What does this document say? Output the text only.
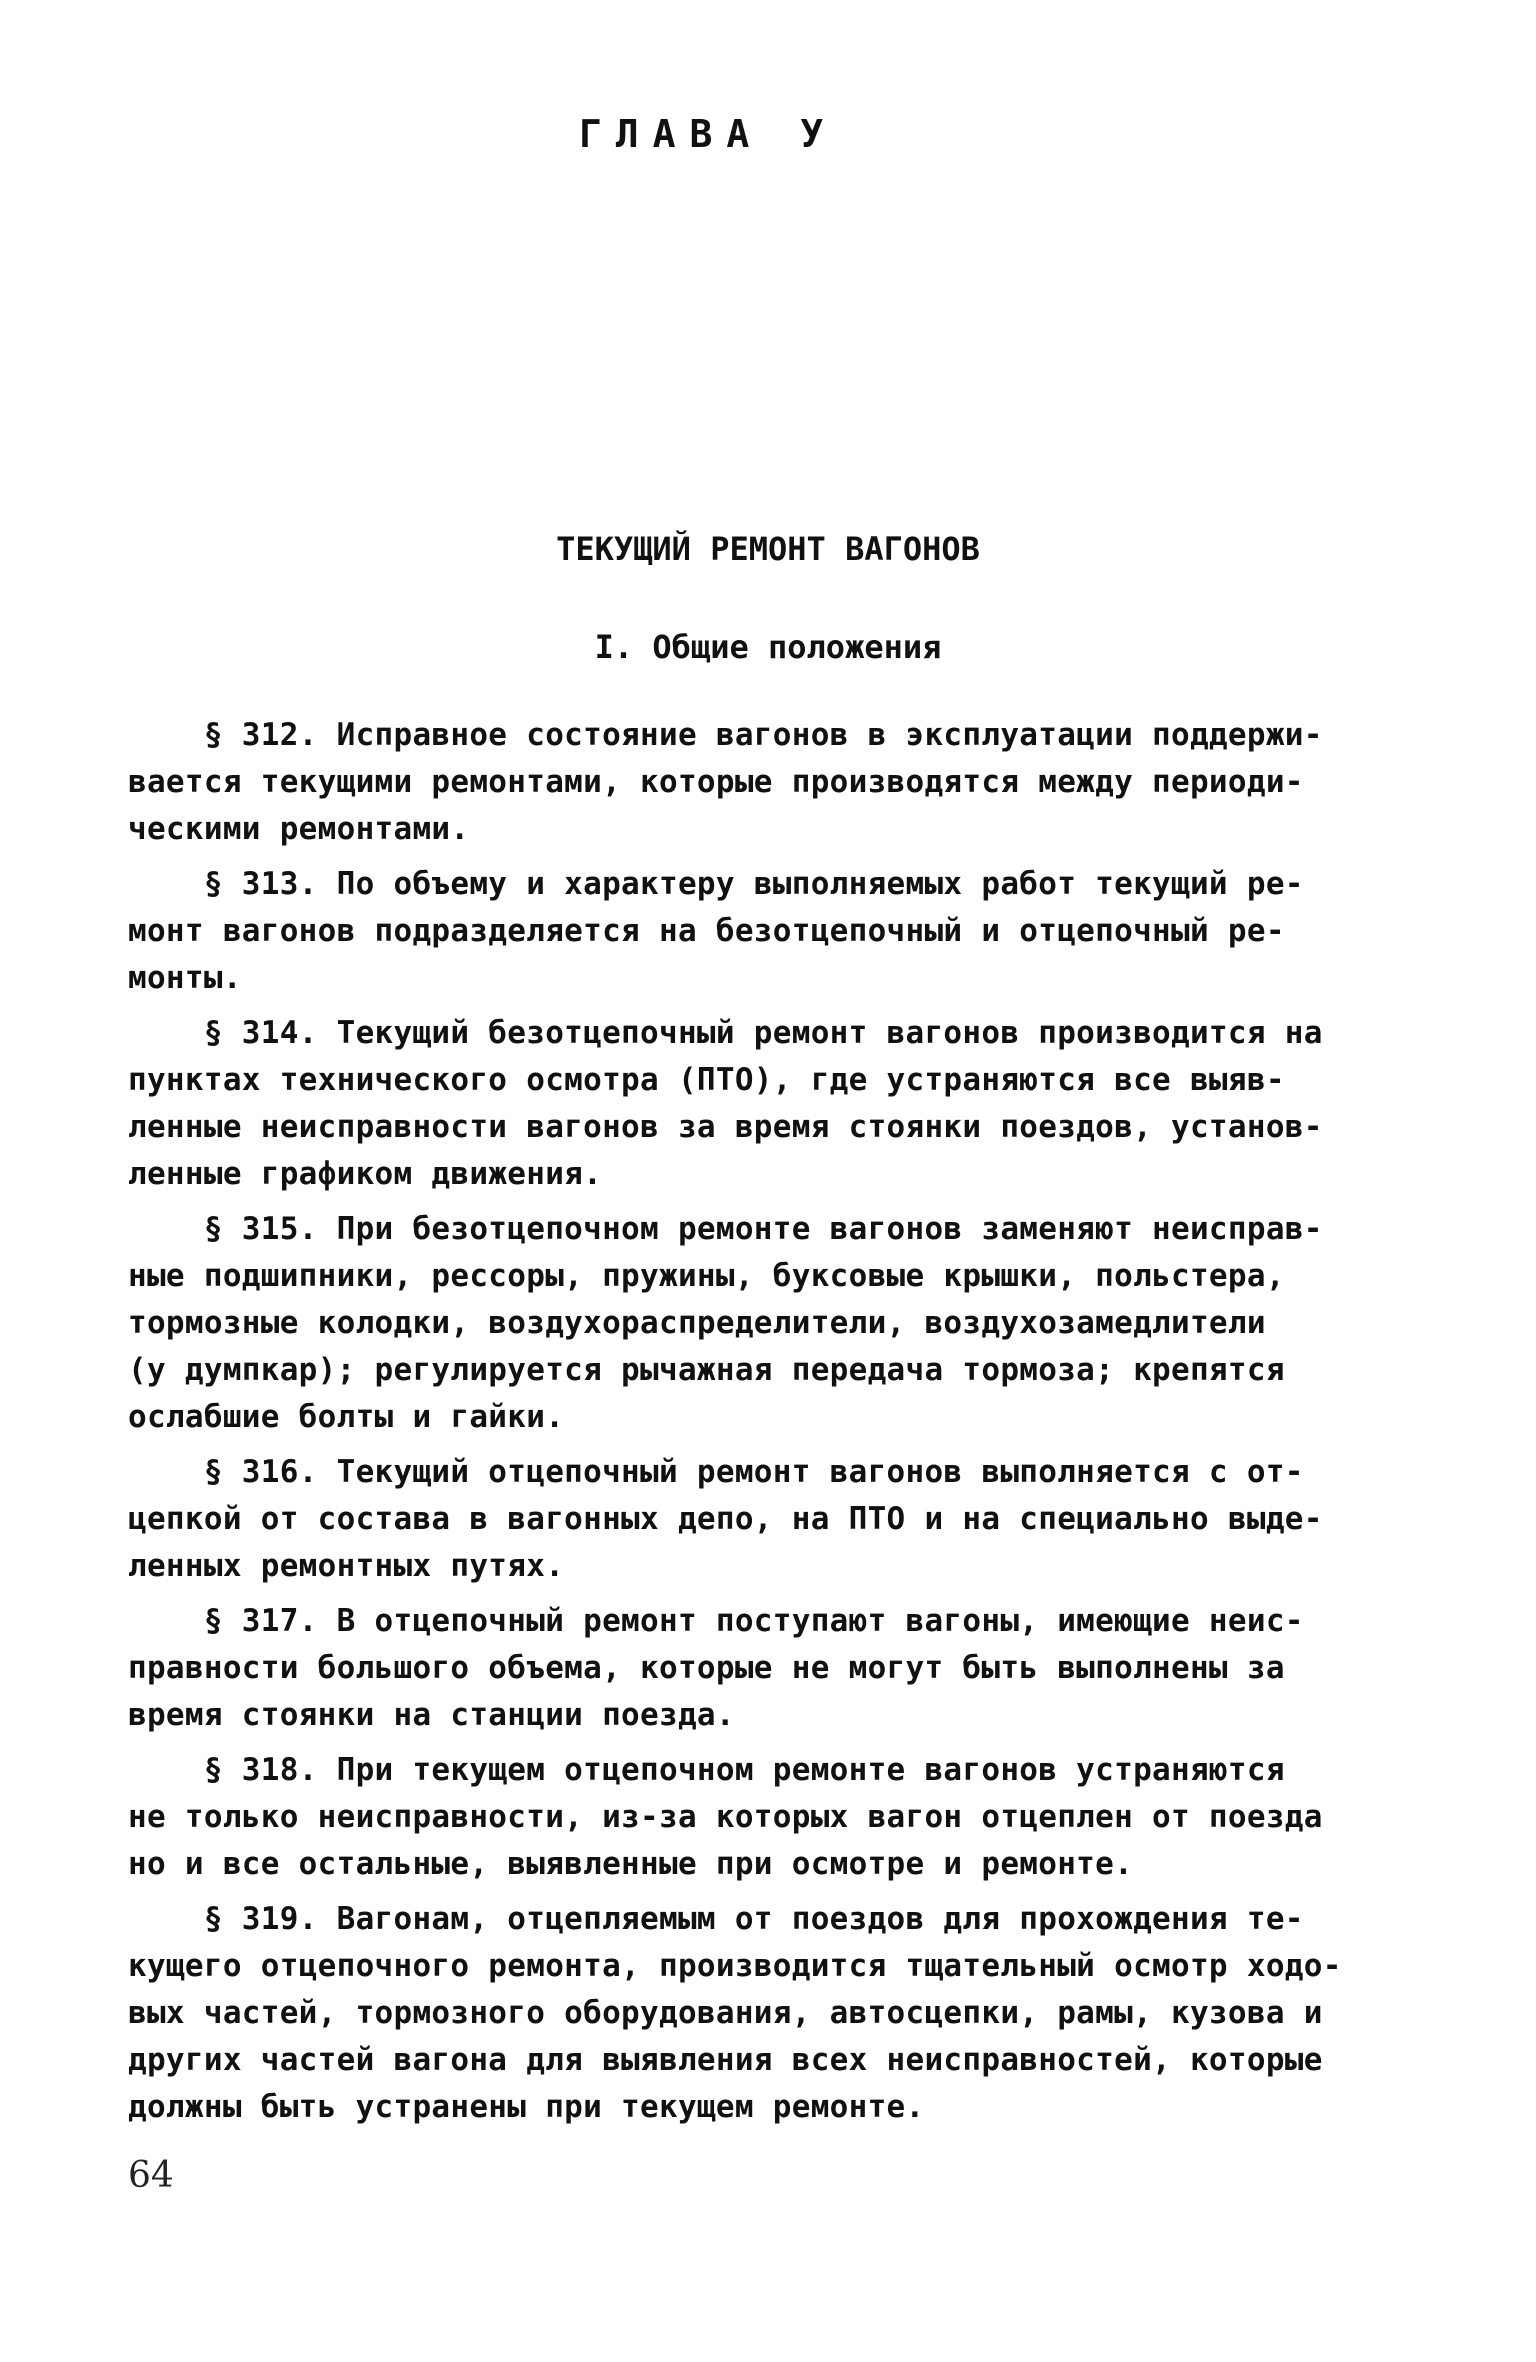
ГЛАВА У
ТЕКУЩИЙ РЕМОНТ ВАГОНОВ
I. Общие положения
§ 312. Исправное состояние вагонов в эксплуатации поддержи-
вается текущими ремонтами, которые производятся между периоди-
ческими ремонтами.
§ 313. По объему и характеру выполняемых работ текущий ре-
монт вагонов подразделяется на безотцепочный и отцепочный ре-
монты.
§ 314. Текущий безотцепочный ремонт вагонов производится на
пунктах технического осмотра (ПТО), где устраняются все выяв-
ленные неисправности вагонов за время стоянки поездов, установ-
ленные графиком движения.
§ 315. При безотцепочном ремонте вагонов заменяют неисправ-
ные подшипники, рессоры, пружины, буксовые крышки, польстера,
тормозные колодки, воздухораспределители, воздухозамедлители
(у думпкар); регулируется рычажная передача тормоза; крепятся
ослабшие болты и гайки.
§ 316. Текущий отцепочный ремонт вагонов выполняется с от-
цепкой от состава в вагонных депо, на ПТО и на специально выде-
ленных ремонтных путях.
§ 317. В отцепочный ремонт поступают вагоны, имеющие неис-
правности большого объема, которые не могут быть выполнены за
время стоянки на станции поезда.
§ 318. При текущем отцепочном ремонте вагонов устраняются
не только неисправности, из-за которых вагон отцеплен от поезда
но и все остальные, выявленные при осмотре и ремонте.
§ 319. Вагонам, отцепляемым от поездов для прохождения те-
кущего отцепочного ремонта, производится тщательный осмотр ходо-
вых частей, тормозного оборудования, автосцепки, рамы, кузова и
других частей вагона для выявления всех неисправностей, которые
должны быть устранены при текущем ремонте.
64
